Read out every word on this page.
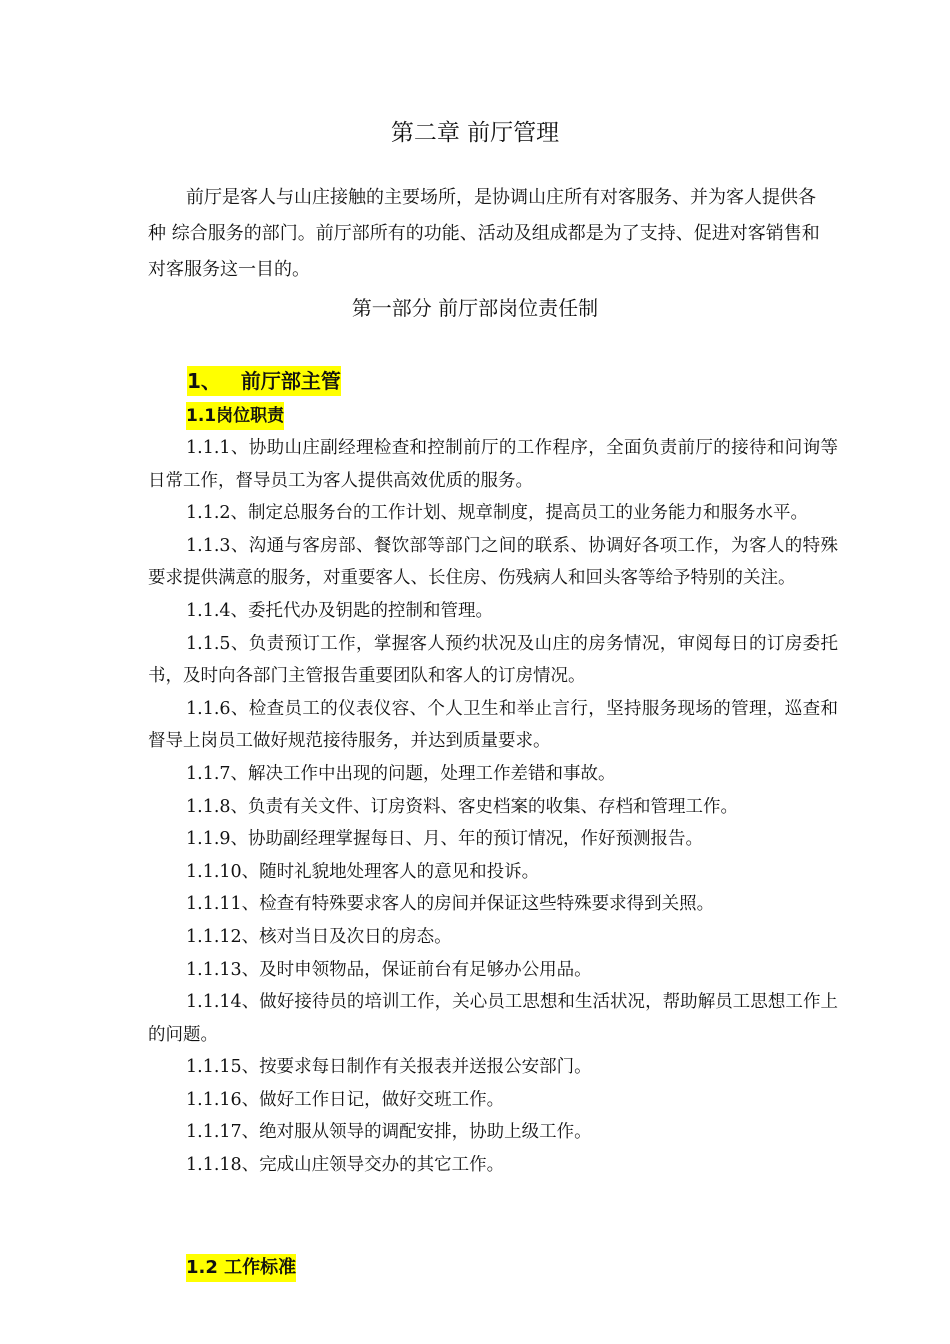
第二章 前厅管理

前厅是客人与山庄接触的主要场所，是协调山庄所有对客服务、并为客人提供各种 综合服务的部门。前厅部所有的功能、活动及组成都是为了支持、促进对客销售和对客服务这一目的。

第一部分 前厅部岗位责任制
1、 前厅部主管
1.1岗位职责

1.1.1、协助山庄副经理检查和控制前厅的工作程序，全面负责前厅的接待和问询等日常工作，督导员工为客人提供高效优质的服务。

1.1.2、制定总服务台的工作计划、规章制度，提高员工的业务能力和服务水平。

1.1.3、沟通与客房部、餐饮部等部门之间的联系、协调好各项工作，为客人的特殊要求提供满意的服务，对重要客人、长住房、伤残病人和回头客等给予特别的关注。

1.1.4、委托代办及钥匙的控制和管理。

1.1.5、负责预订工作，掌握客人预约状况及山庄的房务情况，审阅每日的订房委托书，及时向各部门主管报告重要团队和客人的订房情况。

1.1.6、检查员工的仪表仪容、个人卫生和举止言行，坚持服务现场的管理，巡查和督导上岗员工做好规范接待服务，并达到质量要求。

1.1.7、解决工作中出现的问题，处理工作差错和事故。

1.1.8、负责有关文件、订房资料、客史档案的收集、存档和管理工作。

1.1.9、协助副经理掌握每日、月、年的预订情况，作好预测报告。

1.1.10、随时礼貌地处理客人的意见和投诉。

1.1.11、检查有特殊要求客人的房间并保证这些特殊要求得到关照。

1.1.12、核对当日及次日的房态。

1.1.13、及时申领物品，保证前台有足够办公用品。

1.1.14、做好接待员的培训工作，关心员工思想和生活状况，帮助解员工思想工作上的问题。

1.1.15、按要求每日制作有关报表并送报公安部门。

1.1.16、做好工作日记，做好交班工作。

1.1.17、绝对服从领导的调配安排，协助上级工作。

1.1.18、完成山庄领导交办的其它工作。

1.2 工作标准
